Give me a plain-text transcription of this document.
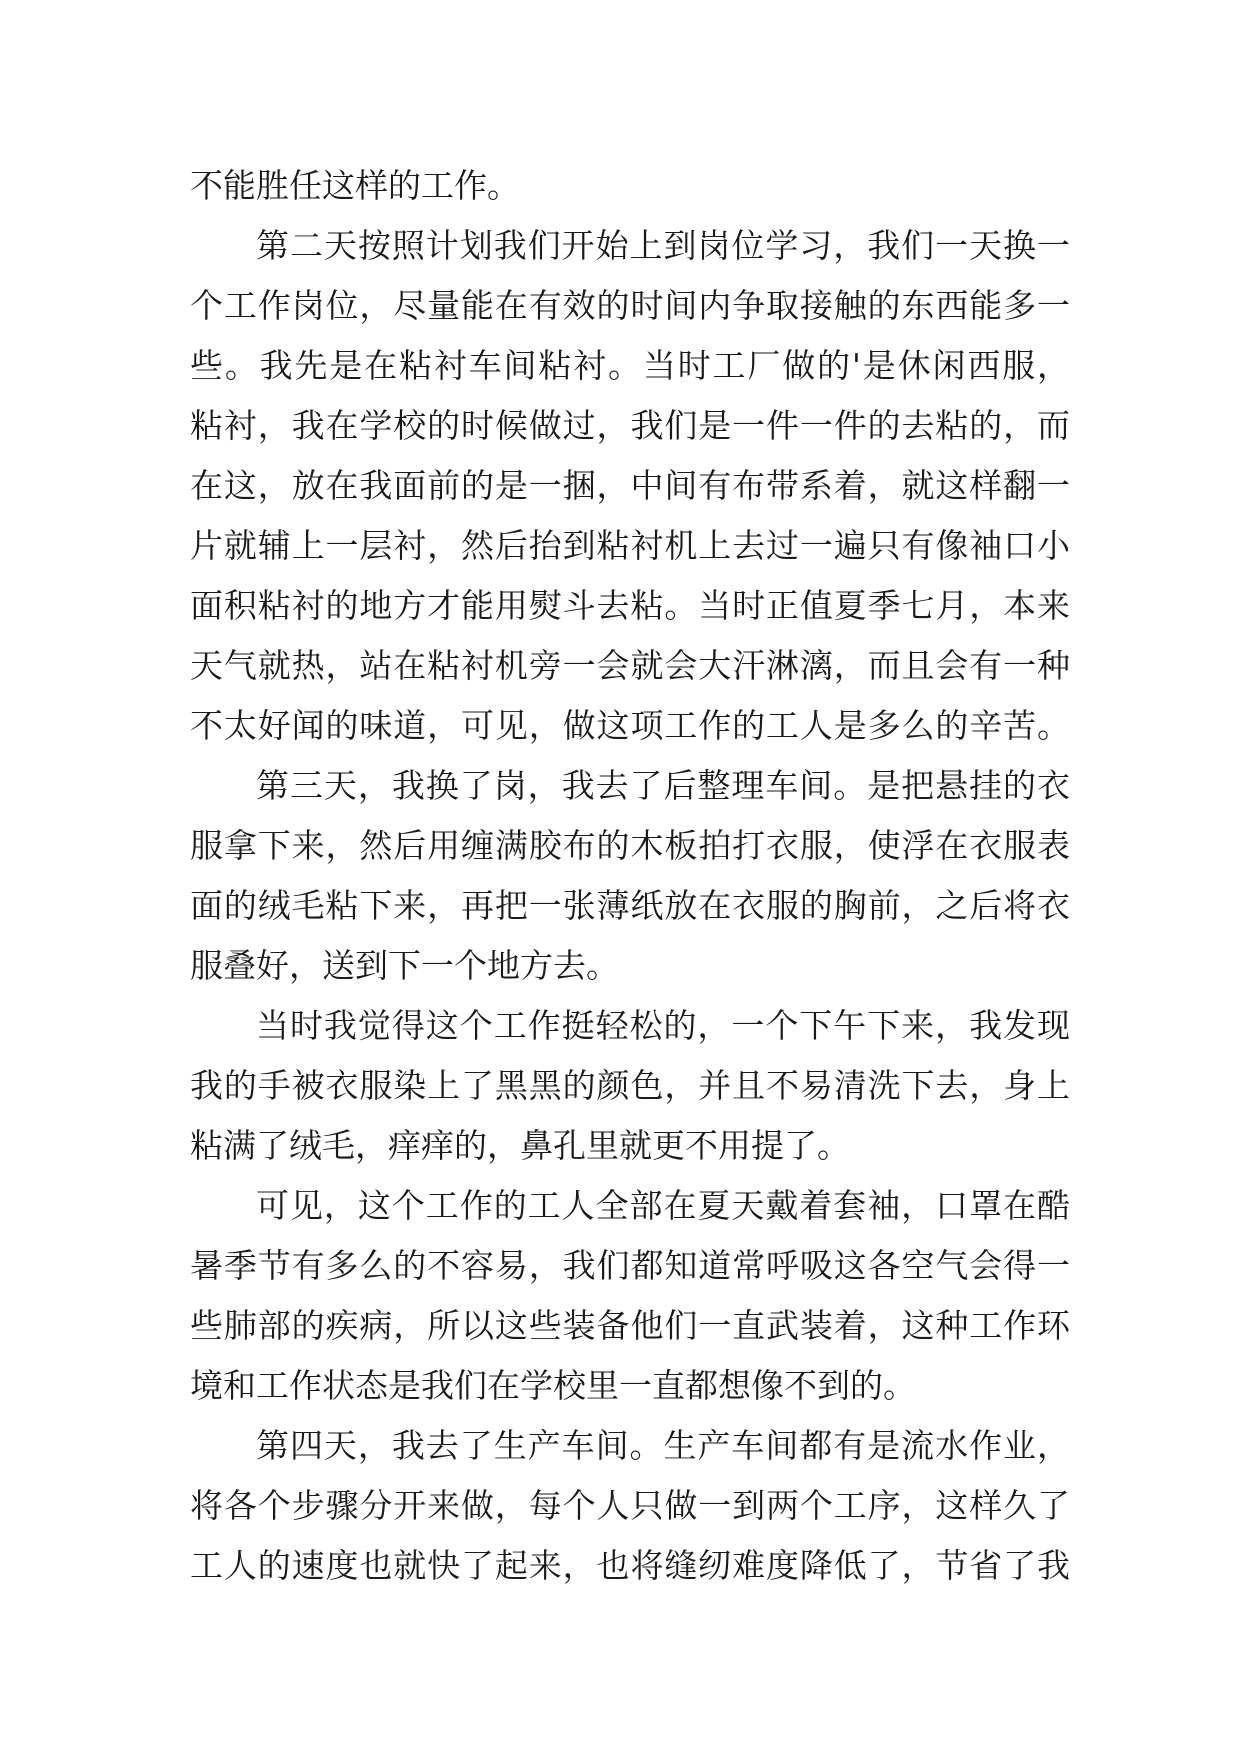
不能胜任这样的工作。
第二天按照计划我们开始上到岗位学习，我们一天换一
个工作岗位，尽量能在有效的时间内争取接触的东西能多一
些。我先是在粘衬车间粘衬。当时工厂做的'是休闲西服，
粘衬，我在学校的时候做过，我们是一件一件的去粘的，而
在这，放在我面前的是一捆，中间有布带系着，就这样翻一
片就辅上一层衬，然后抬到粘衬机上去过一遍只有像袖口小
面积粘衬的地方才能用熨斗去粘。当时正值夏季七月，本来
天气就热，站在粘衬机旁一会就会大汗淋漓，而且会有一种
不太好闻的味道，可见，做这项工作的工人是多么的辛苦。
第三天，我换了岗，我去了后整理车间。是把悬挂的衣
服拿下来，然后用缠满胶布的木板拍打衣服，使浮在衣服表
面的绒毛粘下来，再把一张薄纸放在衣服的胸前，之后将衣
服叠好，送到下一个地方去。
当时我觉得这个工作挺轻松的，一个下午下来，我发现
我的手被衣服染上了黑黑的颜色，并且不易清洗下去，身上
粘满了绒毛，痒痒的，鼻孔里就更不用提了。
可见，这个工作的工人全部在夏天戴着套袖，口罩在酷
暑季节有多么的不容易，我们都知道常呼吸这各空气会得一
些肺部的疾病，所以这些装备他们一直武装着，这种工作环
境和工作状态是我们在学校里一直都想像不到的。
第四天，我去了生产车间。生产车间都有是流水作业，
将各个步骤分开来做，每个人只做一到两个工序，这样久了
工人的速度也就快了起来，也将缝纫难度降低了，节省了我
